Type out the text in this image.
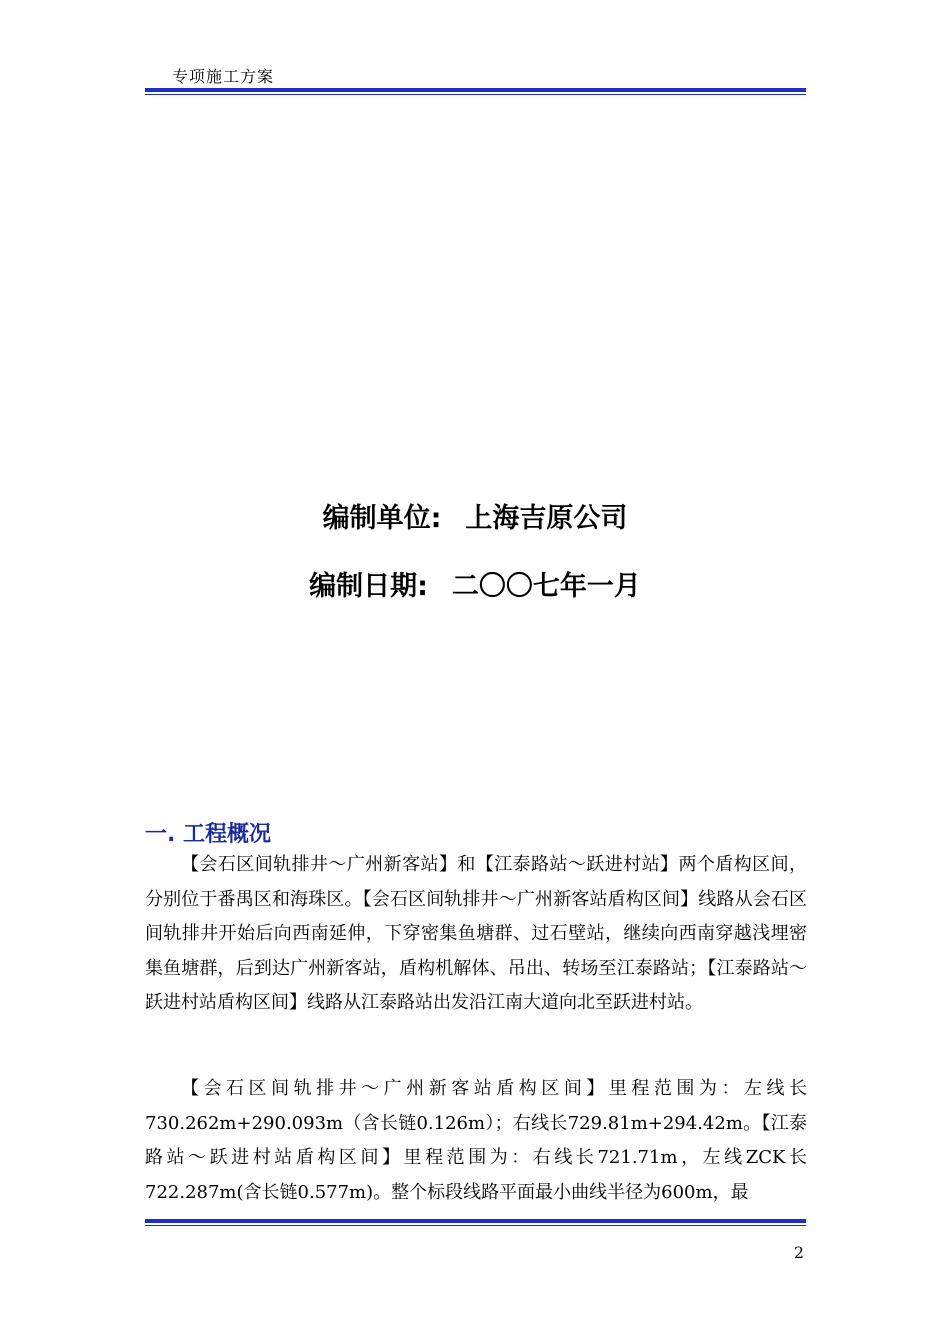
专项施工方案
编制单位: 上海吉原公司
编制日期: 二〇〇七年一月
一. 工程概况

【会石区间轨排井～广州新客站】和【江泰路站～跃进村站】两个盾构区间，分别位于番禺区和海珠区。【会石区间轨排井～广州新客站盾构区间】线路从会石区间轨排井开始后向西南延伸，下穿密集鱼塘群、过石壁站，继续向西南穿越浅埋密集鱼塘群，后到达广州新客站，盾构机解体、吊出、转场至江泰路站；【江泰路站～跃进村站盾构区间】线路从江泰路站出发沿江南大道向北至跃进村站。

【会石区间轨排井～广州新客站盾构区间】里程范围为：左线长730.262m+290.093m（含长链0.126m）；右线长729.81m+294.42m。【江泰路站～跃进村站盾构区间】里程范围为：右线长721.71m，左线ZCK长722.287m(含长链0.577m)。整个标段线路平面最小曲线半径为600m，最

2
